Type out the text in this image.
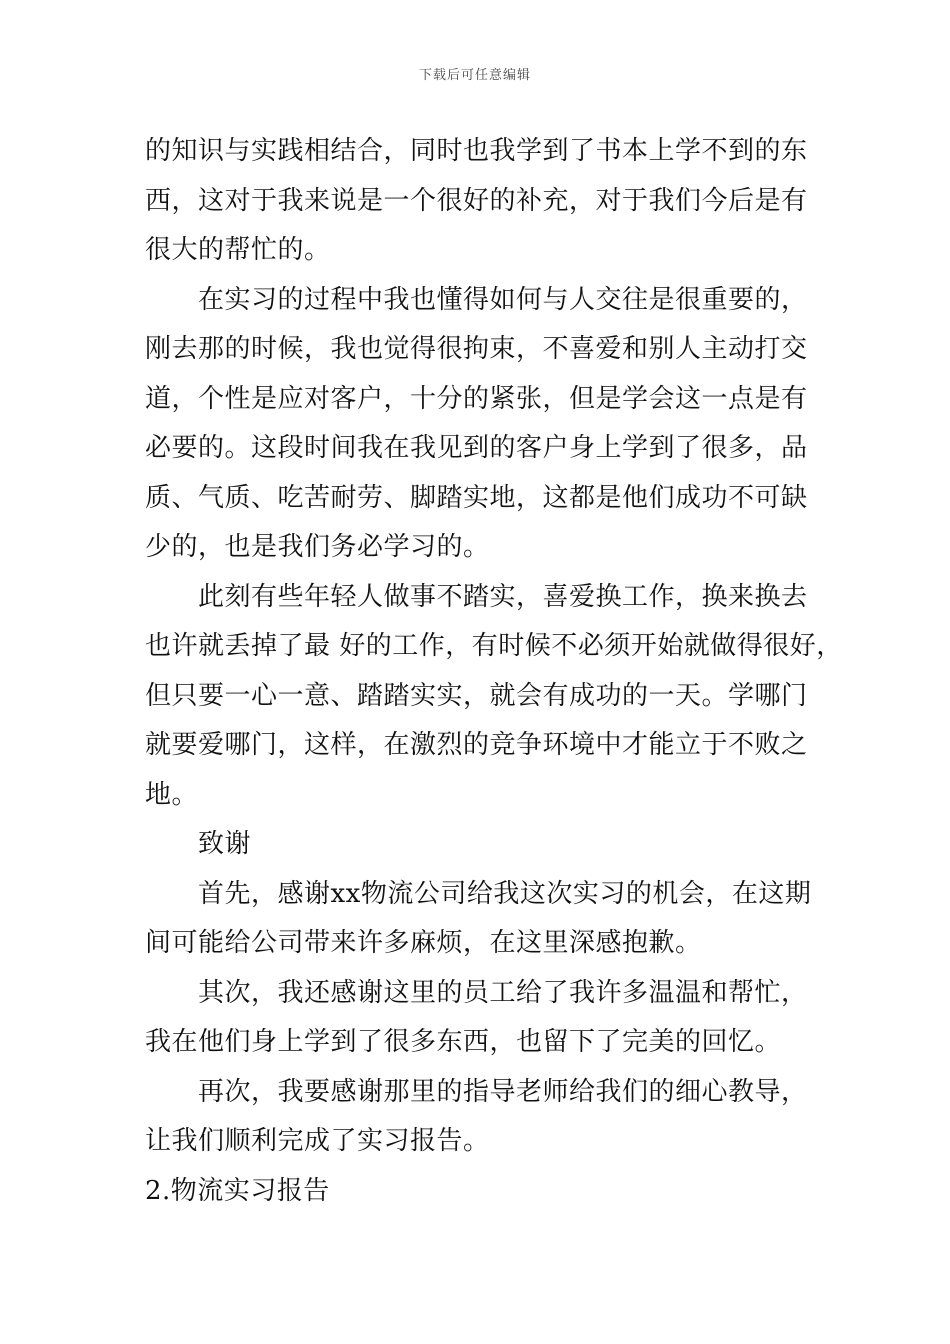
下载后可任意编辑
的知识与实践相结合，同时也我学到了书本上学不到的东
西，这对于我来说是一个很好的补充，对于我们今后是有
很大的帮忙的。
在实习的过程中我也懂得如何与人交往是很重要的，
刚去那的时候，我也觉得很拘束，不喜爱和别人主动打交
道，个性是应对客户，十分的紧张，但是学会这一点是有
必要的。这段时间我在我见到的客户身上学到了很多，品
质、气质、吃苦耐劳、脚踏实地，这都是他们成功不可缺
少的，也是我们务必学习的。
此刻有些年轻人做事不踏实，喜爱换工作，换来换去
也许就丢掉了最 好的工作，有时候不必须开始就做得很好，
但只要一心一意、踏踏实实，就会有成功的一天。学哪门
就要爱哪门，这样，在激烈的竞争环境中才能立于不败之
地。
致谢
首先，感谢xx物流公司给我这次实习的机会，在这期
间可能给公司带来许多麻烦，在这里深感抱歉。
其次，我还感谢这里的员工给了我许多温温和帮忙，
我在他们身上学到了很多东西，也留下了完美的回忆。
再次，我要感谢那里的指导老师给我们的细心教导，
让我们顺利完成了实习报告。
2.物流实习报告
